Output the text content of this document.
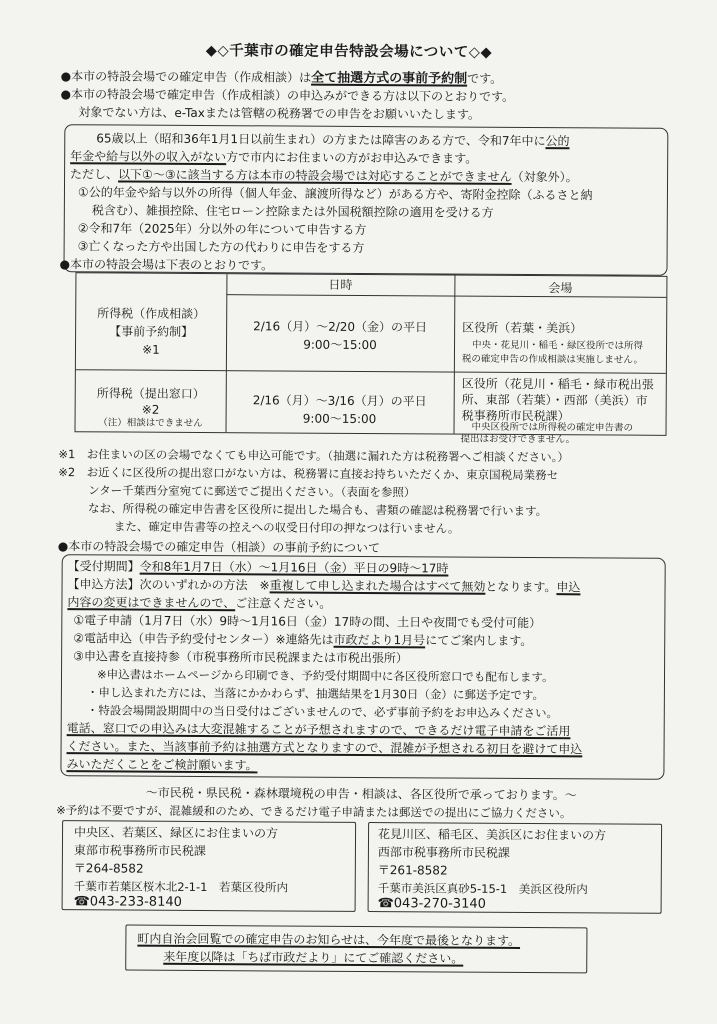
◆◇千葉市の確定申告特設会場について◇◆
●本市の特設会場での確定申告（作成相談）は全て抽選方式の事前予約制です。
●本市の特設会場で確定申告（作成相談）の申込みができる方は以下のとおりです。
対象でない方は、e-Taxまたは管轄の税務署での申告をお願いいたします。
65歳以上（昭和36年1月1日以前生まれ）の方または障害のある方で、令和7年中に公的
年金や給与以外の収入がない方で市内にお住まいの方がお申込みできます。
ただし、以下①～③に該当する方は本市の特設会場では対応することができません（対象外）。
①公的年金や給与以外の所得（個人年金、譲渡所得など）がある方や、寄附金控除（ふるさと納
税含む）、雑損控除、住宅ローン控除または外国税額控除の適用を受ける方
②令和7年（2025年）分以外の年について申告する方
③亡くなった方や出国した方の代わりに申告をする方
●本市の特設会場は下表のとおりです。
日時	会場
所得税（作成相談）
【事前予約制】
※1
2/16（月）～2/20（金）の平日
9:00～15:00
区役所（若葉・美浜）
中央・花見川・稲毛・緑区役所では所得
税の確定申告の作成相談は実施しません。
所得税（提出窓口）
※2
（注）相談はできません
2/16（月）～3/16（月）の平日
9:00～15:00
区役所（花見川・稲毛・緑市税出張
所、東部（若葉）・西部（美浜）市
税事務所市民税課）
中央区役所では所得税の確定申告書の
提出はお受けできません。
※1　お住まいの区の会場でなくても申込可能です。（抽選に漏れた方は税務署へご相談ください。）
※2　お近くに区役所の提出窓口がない方は、税務署に直接お持ちいただくか、東京国税局業務セ
ンター千葉西分室宛てに郵送でご提出ください。（表面を参照）
なお、所得税の確定申告書を区役所に提出した場合も、書類の確認は税務署で行います。
また、確定申告書等の控えへの収受日付印の押なつは行いません。
●本市の特設会場での確定申告（相談）の事前予約について
【受付期間】令和8年1月7日（水）～1月16日（金）平日の9時～17時
【申込方法】次のいずれかの方法　※重複して申し込まれた場合はすべて無効となります。申込
内容の変更はできませんので、ご注意ください。
①電子申請（1月7日（水）9時～1月16日（金）17時の間、土日や夜間でも受付可能）
②電話申込（申告予約受付センター）※連絡先は市政だより1月号にてご案内します。
③申込書を直接持参（市税事務所市民税課または市税出張所）
※申込書はホームページから印刷でき、予約受付期間中に各区役所窓口でも配布します。
・申し込まれた方には、当落にかかわらず、抽選結果を1月30日（金）に郵送予定です。
・特設会場開設期間中の当日受付はございませんので、必ず事前予約をお申込みください。
電話、窓口での申込みは大変混雑することが予想されますので、できるだけ電子申請をご活用
ください。また、当該事前予約は抽選方式となりますので、混雑が予想される初日を避けて申込
みいただくことをご検討願います。
～市民税・県民税・森林環境税の申告・相談は、各区役所で承っております。～
※予約は不要ですが、混雑緩和のため、できるだけ電子申請または郵送での提出にご協力ください。
中央区、若葉区、緑区にお住まいの方
東部市税事務所市民税課
〒264-8582
千葉市若葉区桜木北2-1-1　若葉区役所内
☎043-233-8140
花見川区、稲毛区、美浜区にお住まいの方
西部市税事務所市民税課
〒261-8582
千葉市美浜区真砂5-15-1　美浜区役所内
☎043-270-3140
町内自治会回覧での確定申告のお知らせは、今年度で最後となります。
来年度以降は「ちば市政だより」にてご確認ください。
